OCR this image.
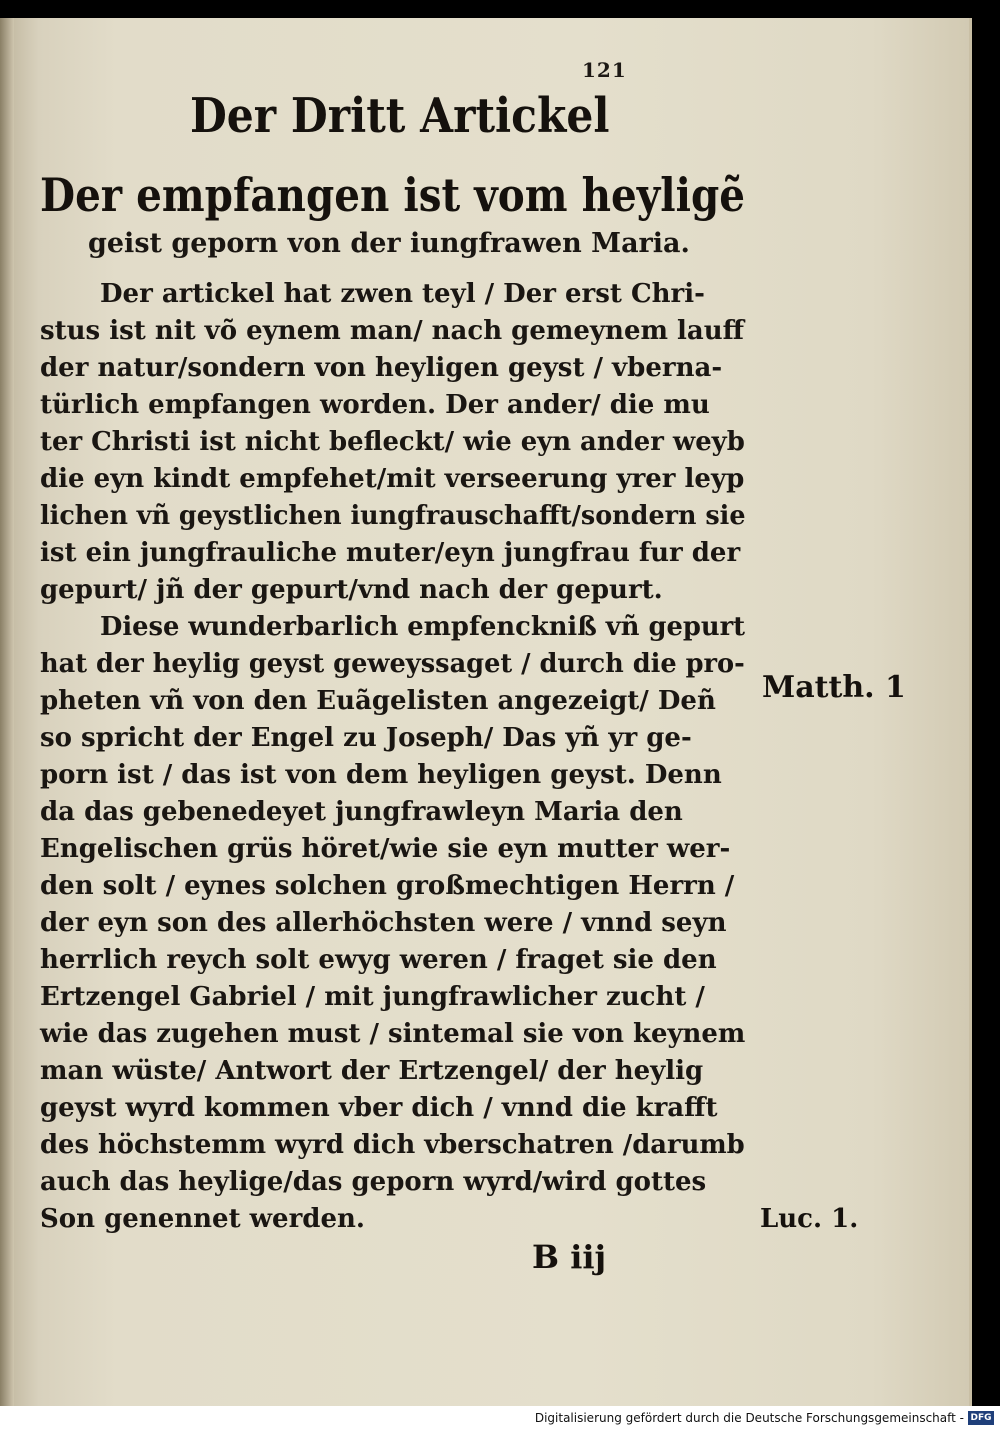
121
Der Dritt Artickel
Der empfangen ist vom heyligẽ
geist geporn von der iungfrawen Maria.
Der artickel hat zwen teyl / Der erst Chri-
stus ist nit võ eynem man/ nach gemeynem lauff
der natur/sondern von heyligen geyst / vberna-
türlich empfangen worden. Der ander/ die mu
ter Christi ist nicht befleckt/ wie eyn ander weyb
die eyn kindt empfehet/mit verseerung yrer leyp
lichen vñ geystlichen iungfrauschafft/sondern sie
ist ein jungfrauliche muter/eyn jungfrau fur der
gepurt/ jñ der gepurt/vnd nach der gepurt.
Diese wunderbarlich empfenckniß vñ gepurt
hat der heylig geyst geweyssaget / durch die pro-
pheten vñ von den Euãgelisten angezeigt/ Deñ
so spricht der Engel zu Joseph/ Das yñ yr ge-
porn ist / das ist von dem heyligen geyst. Denn
da das gebenedeyet jungfrawleyn Maria den
Engelischen grüs höret/wie sie eyn mutter wer-
den solt / eynes solchen großmechtigen Herrn /
der eyn son des allerhöchsten were / vnnd seyn
herrlich reych solt ewyg weren / fraget sie den
Ertzengel Gabriel / mit jungfrawlicher zucht /
wie das zugehen must / sintemal sie von keynem
man wüste/ Antwort der Ertzengel/ der heylig
geyst wyrd kommen vber dich / vnnd die krafft
des höchstemm wyrd dich vberschatren /darumb
auch das heylige/das geporn wyrd/wird gottes
Son genennet werden.
Matth. 1
Luc. 1.
B iij
Digitalisierung gefördert durch die Deutsche Forschungsgemeinschaft - DFG
